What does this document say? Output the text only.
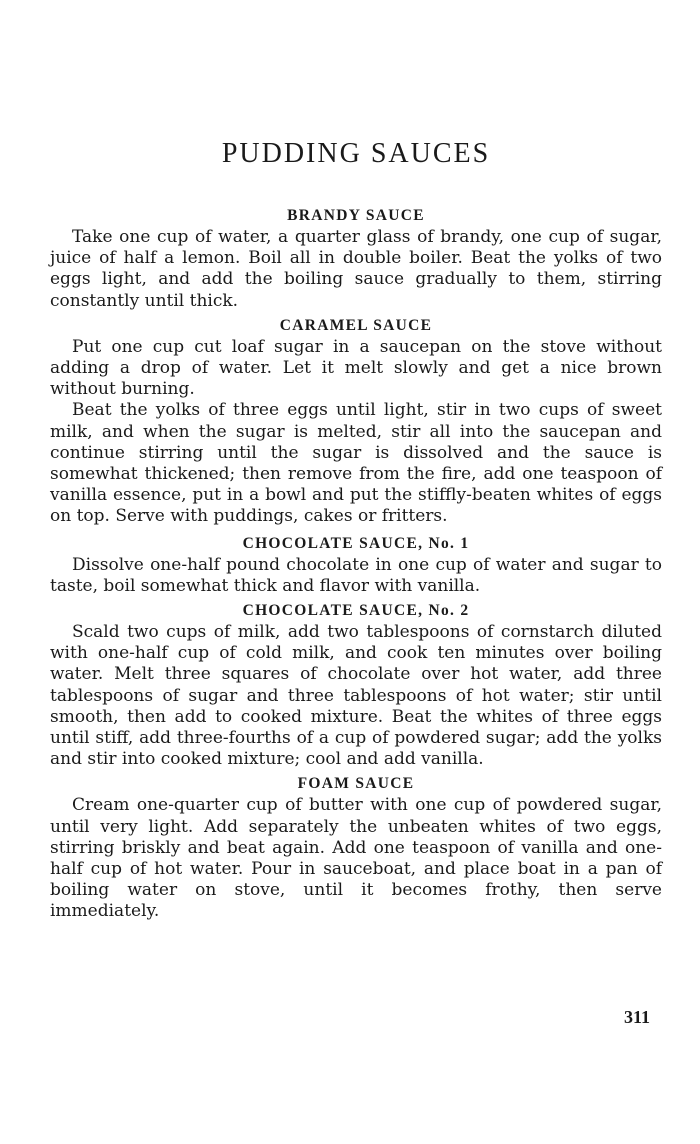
PUDDING SAUCES
BRANDY SAUCE

Take one cup of water, a quarter glass of brandy, one cup of sugar, juice of half a lemon. Boil all in double boiler. Beat the yolks of two eggs light, and add the boiling sauce gradually to them, stirring constantly until thick.

CARAMEL SAUCE

Put one cup cut loaf sugar in a saucepan on the stove without adding a drop of water. Let it melt slowly and get a nice brown without burning.

Beat the yolks of three eggs until light, stir in two cups of sweet milk, and when the sugar is melted, stir all into the saucepan and continue stirring until the sugar is dissolved and the sauce is somewhat thickened; then remove from the fire, add one teaspoon of vanilla essence, put in a bowl and put the stiffly-beaten whites of eggs on top. Serve with puddings, cakes or fritters.

CHOCOLATE SAUCE, No. 1

Dissolve one-half pound chocolate in one cup of water and sugar to taste, boil somewhat thick and flavor with vanilla.

CHOCOLATE SAUCE, No. 2

Scald two cups of milk, add two tablespoons of cornstarch diluted with one-half cup of cold milk, and cook ten minutes over boiling water. Melt three squares of chocolate over hot water, add three tablespoons of sugar and three tablespoons of hot water; stir until smooth, then add to cooked mixture. Beat the whites of three eggs until stiff, add three-fourths of a cup of powdered sugar; add the yolks and stir into cooked mixture; cool and add vanilla.

FOAM SAUCE

Cream one-quarter cup of butter with one cup of powdered sugar, until very light. Add separately the unbeaten whites of two eggs, stirring briskly and beat again. Add one teaspoon of vanilla and one-half cup of hot water. Pour in sauceboat, and place boat in a pan of boiling water on stove, until it becomes frothy, then serve immediately.

311
